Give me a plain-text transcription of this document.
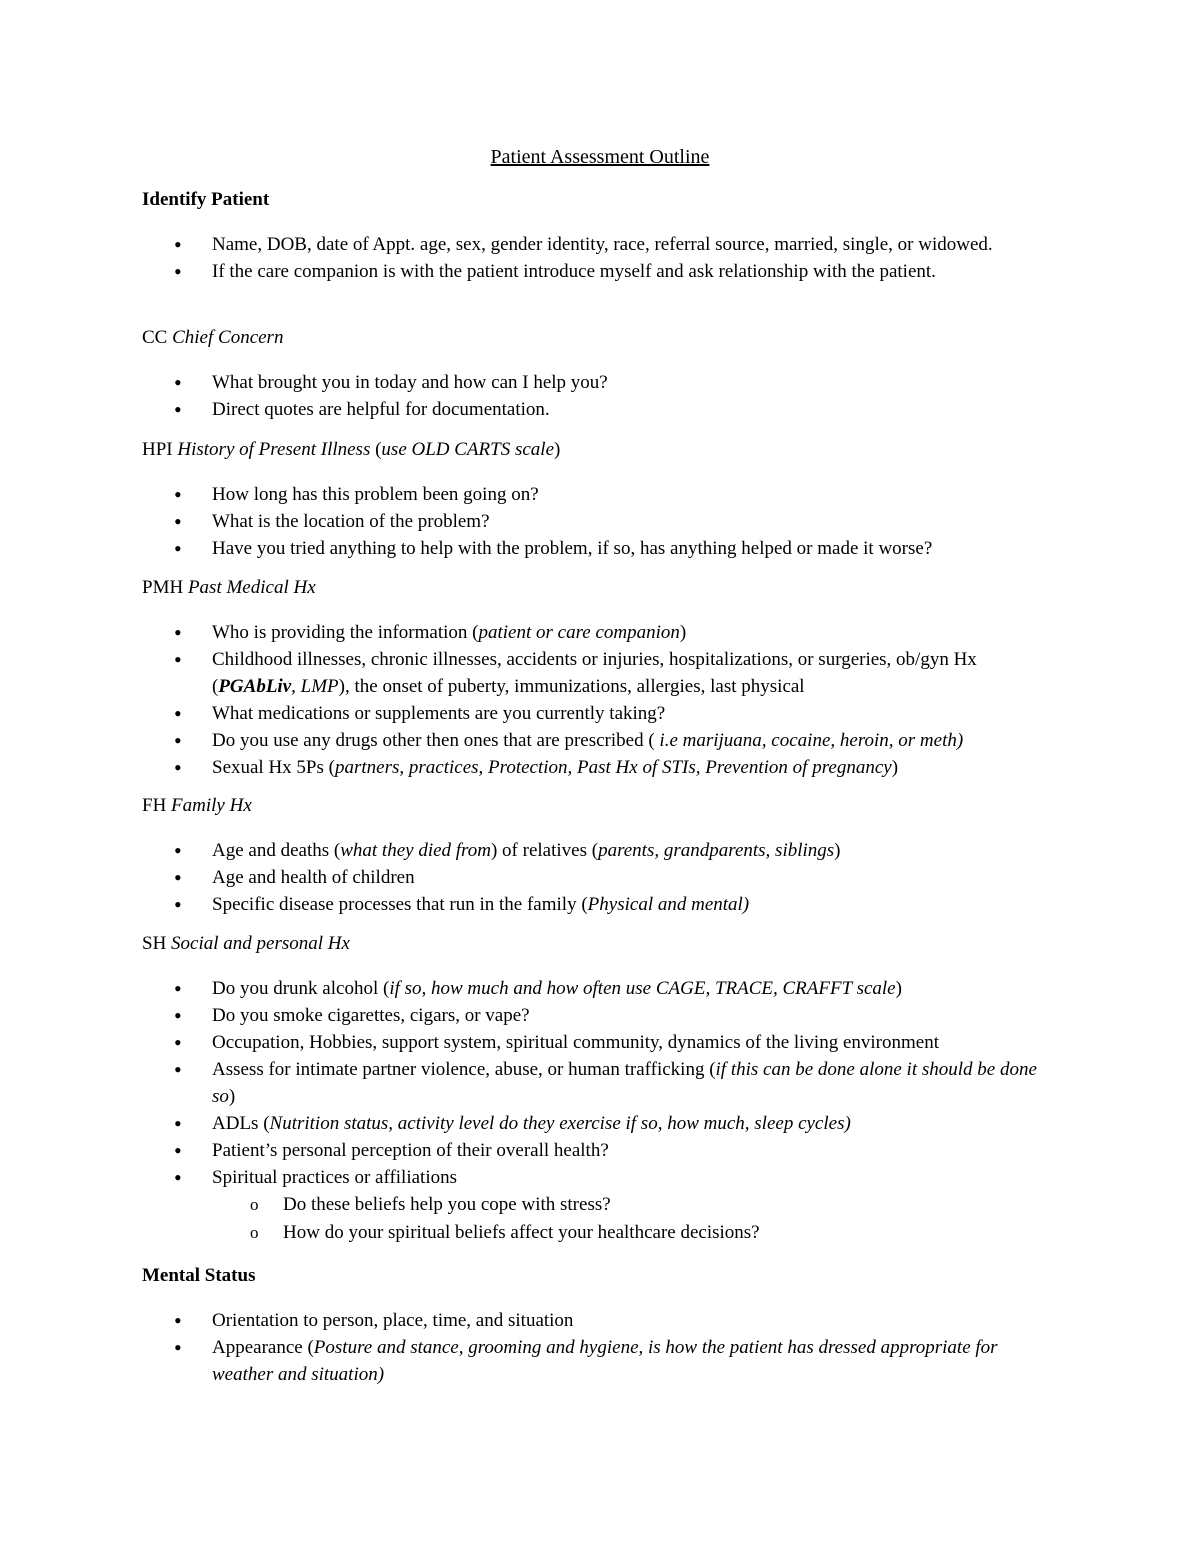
Patient Assessment Outline

Identify Patient

• Name, DOB, date of Appt. age, sex, gender identity, race, referral source, married, single, or widowed.
• If the care companion is with the patient introduce myself and ask relationship with the patient.

CC Chief Concern

• What brought you in today and how can I help you?
• Direct quotes are helpful for documentation.

HPI History of Present Illness (use OLD CARTS scale)

• How long has this problem been going on?
• What is the location of the problem?
• Have you tried anything to help with the problem, if so, has anything helped or made it worse?

PMH Past Medical Hx

• Who is providing the information (patient or care companion)
• Childhood illnesses, chronic illnesses, accidents or injuries, hospitalizations, or surgeries, ob/gyn Hx (PGAbLiv, LMP), the onset of puberty, immunizations, allergies, last physical
• What medications or supplements are you currently taking?
• Do you use any drugs other then ones that are prescribed ( i.e marijuana, cocaine, heroin, or meth)
• Sexual Hx 5Ps (partners, practices, Protection, Past Hx of STIs, Prevention of pregnancy)

FH Family Hx

• Age and deaths (what they died from) of relatives (parents, grandparents, siblings)
• Age and health of children
• Specific disease processes that run in the family (Physical and mental)

SH Social and personal Hx

• Do you drunk alcohol (if so, how much and how often use CAGE, TRACE, CRAFFT scale)
• Do you smoke cigarettes, cigars, or vape?
• Occupation, Hobbies, support system, spiritual community, dynamics of the living environment
• Assess for intimate partner violence, abuse, or human trafficking (if this can be done alone it should be done so)
• ADLs (Nutrition status, activity level do they exercise if so, how much, sleep cycles)
• Patient’s personal perception of their overall health?
• Spiritual practices or affiliations
o Do these beliefs help you cope with stress?
o How do your spiritual beliefs affect your healthcare decisions?

Mental Status

• Orientation to person, place, time, and situation
• Appearance (Posture and stance, grooming and hygiene, is how the patient has dressed appropriate for weather and situation)
